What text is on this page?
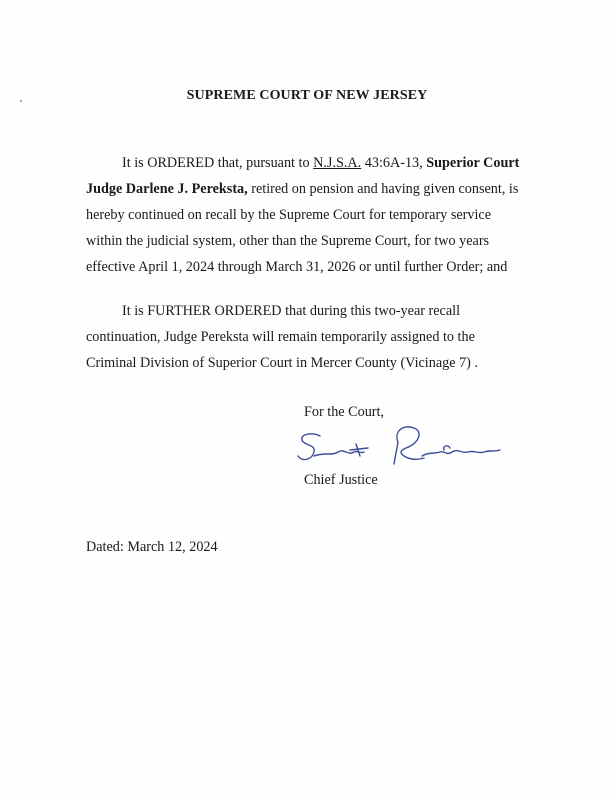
SUPREME COURT OF NEW JERSEY
It is ORDERED that, pursuant to N.J.S.A. 43:6A-13, Superior Court
Judge Darlene J. Pereksta, retired on pension and having given consent, is
hereby continued on recall by the Supreme Court for temporary service
within the judicial system, other than the Supreme Court, for two years
effective April 1, 2024 through March 31, 2026 or until further Order; and
It is FURTHER ORDERED that during this two-year recall
continuation, Judge Pereksta will remain temporarily assigned to the
Criminal Division of Superior Court in Mercer County (Vicinage 7) .
For the Court,
Chief Justice
Dated: March 12, 2024
